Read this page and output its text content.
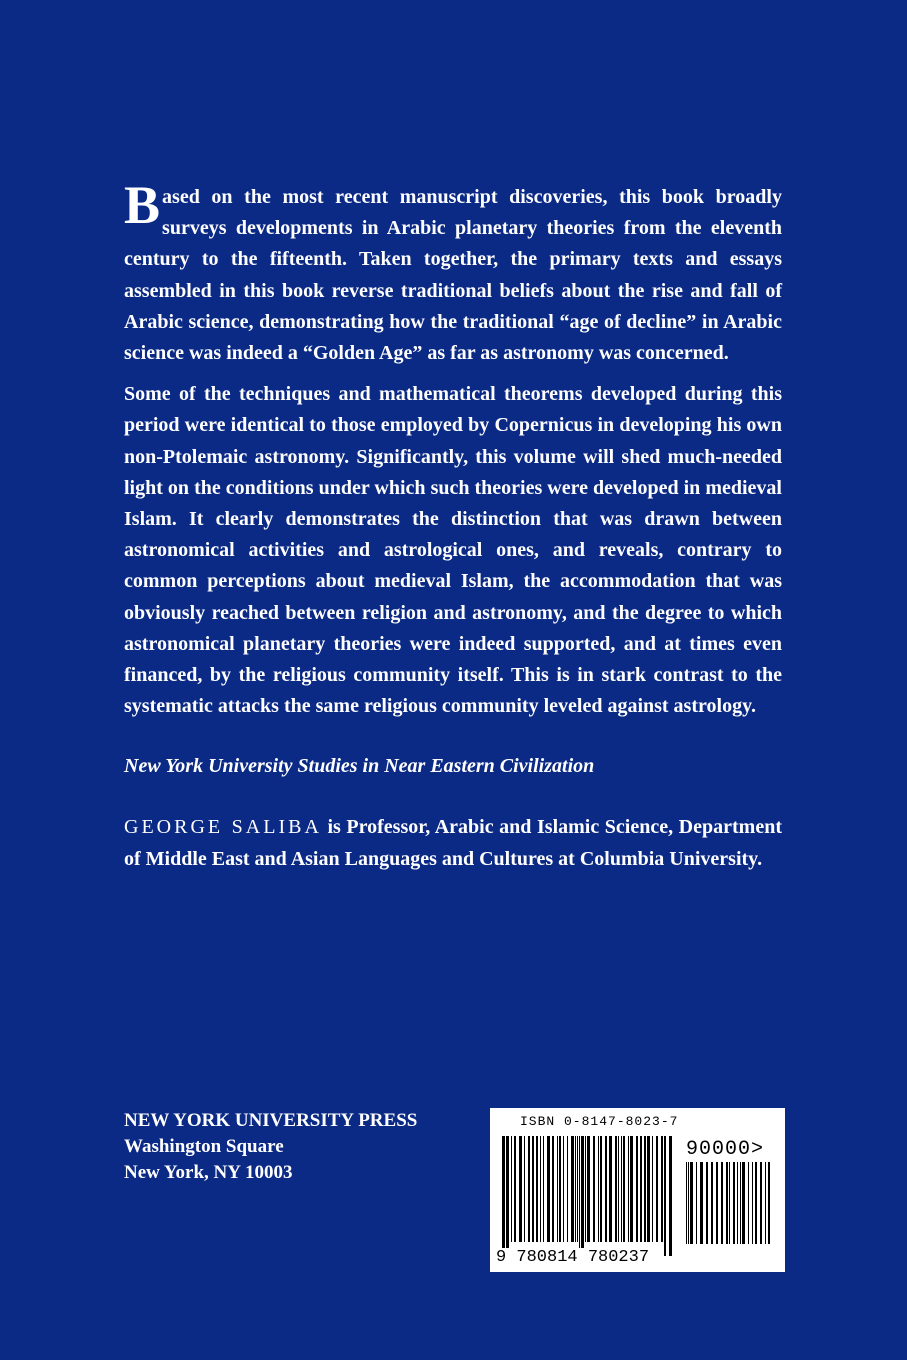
Based on the most recent manuscript discoveries, this book broadly surveys developments in Arabic planetary theories from the eleventh century to the fifteenth. Taken together, the primary texts and essays assembled in this book reverse traditional beliefs about the rise and fall of Arabic science, demonstrating how the traditional “age of decline” in Arabic science was indeed a “Golden Age” as far as astronomy was concerned.

Some of the techniques and mathematical theorems developed during this period were identical to those employed by Copernicus in developing his own non-Ptolemaic astronomy. Significantly, this volume will shed much-needed light on the conditions under which such theories were developed in medieval Islam. It clearly demonstrates the distinction that was drawn between astronomical activities and astrological ones, and reveals, contrary to common perceptions about medieval Islam, the accommodation that was obviously reached between religion and astronomy, and the degree to which astronomical planetary theories were indeed supported, and at times even financed, by the religious community itself. This is in stark contrast to the systematic attacks the same religious community leveled against astrology.

New York University Studies in Near Eastern Civilization

GEORGE SALIBA is Professor, Arabic and Islamic Science, Department of Middle East and Asian Languages and Cultures at Columbia University.

NEW YORK UNIVERSITY PRESS
Washington Square
New York, NY 10003
ISBN 0-8147-8023-7
90000>
9 780814 780237
